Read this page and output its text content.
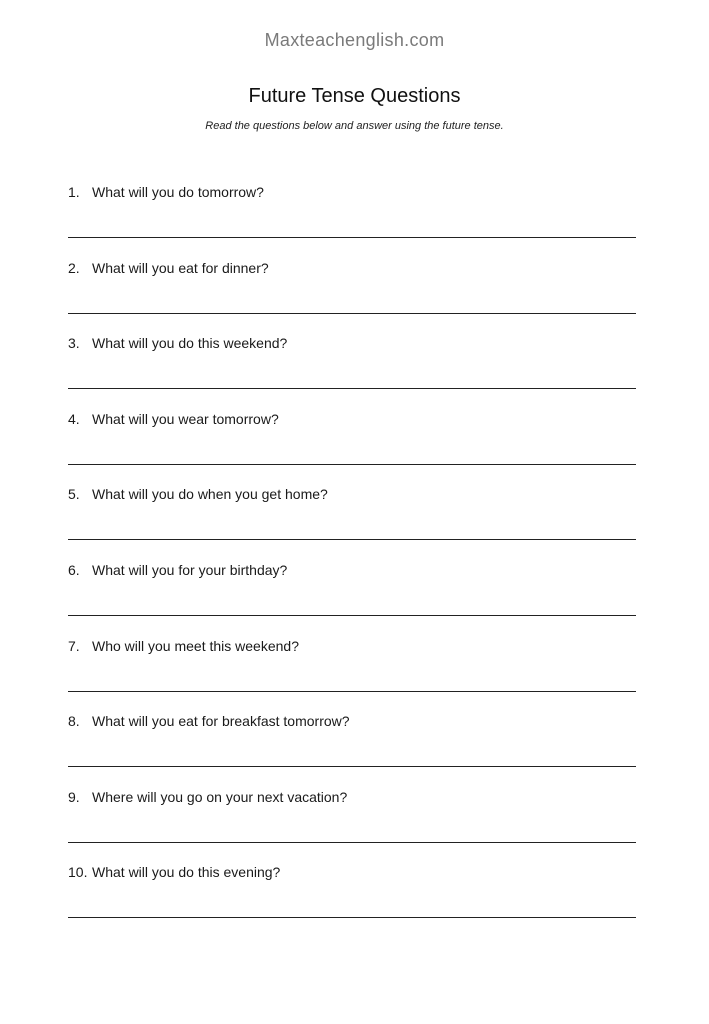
Maxteachenglish.com
Future Tense Questions
Read the questions below and answer using the future tense.
1. What will you do tomorrow?
2. What will you eat for dinner?
3. What will you do this weekend?
4. What will you wear tomorrow?
5. What will you do when you get home?
6. What will you for your birthday?
7. Who will you meet this weekend?
8. What will you eat for breakfast tomorrow?
9. Where will you go on your next vacation?
10. What will you do this evening?
